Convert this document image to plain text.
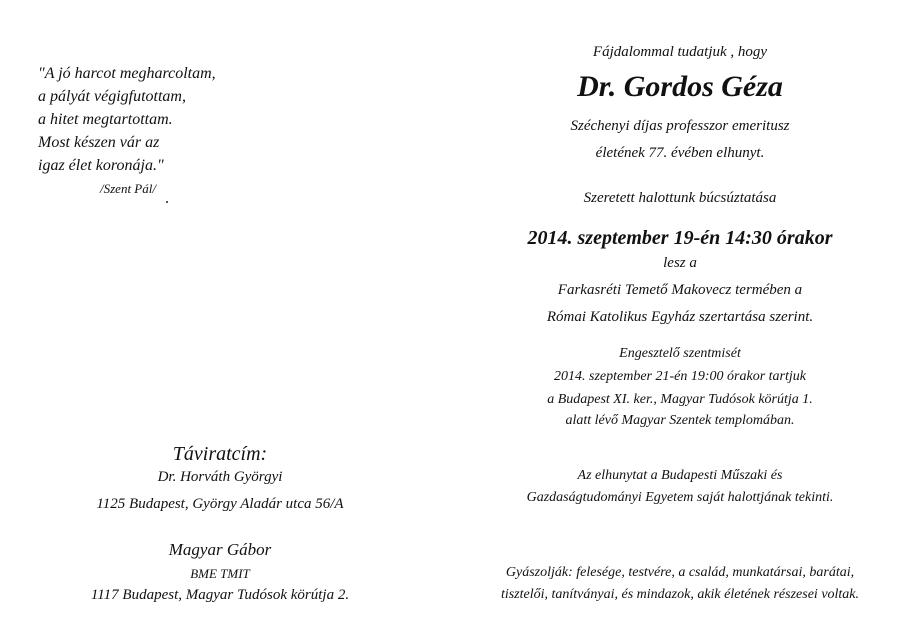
"A jó harcot megharcoltam,
a pályát végigfutottam,
a hitet megtartottam.
Most készen vár az
igaz élet koronája."
/Szent Pál/
Táviratcím:
Dr. Horváth Györgyi
1125 Budapest, György Aladár utca 56/A
Magyar Gábor
BME TMIT
1117 Budapest, Magyar Tudósok körútja 2.
Fájdalommal tudatjuk , hogy
Dr. Gordos Géza
Széchenyi díjas professzor emeritusz
életének 77. évében elhunyt.
Szeretett halottunk búcsúztatása
2014. szeptember 19-én 14:30 órakor
lesz a
Farkasréti Temető Makovecz termében a
Római Katolikus Egyház szertartása szerint.
Engesztelő szentmisét
2014. szeptember 21-én 19:00 órakor tartjuk
a Budapest XI. ker., Magyar Tudósok körútja 1.
alatt lévő Magyar Szentek templomában.
Az elhunytat a Budapesti Műszaki és
Gazdaságtudományi Egyetem saját halottjának tekinti.
Gyászolják: felesége, testvére, a család, munkatársai, barátai,
tisztelői, tanítványai, és mindazok, akik életének részesei voltak.
